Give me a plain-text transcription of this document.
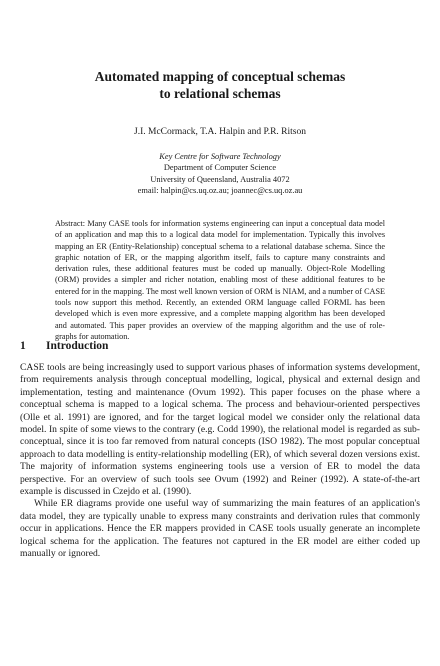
Automated mapping of conceptual schemas
to relational schemas
J.I. McCormack, T.A. Halpin and P.R. Ritson
Key Centre for Software Technology
Department of Computer Science
University of Queensland, Australia 4072
email: halpin@cs.uq.oz.au; joannec@cs.uq.oz.au
Abstract: Many CASE tools for information systems engineering can input a conceptual data model of an application and map this to a logical data model for implementation. Typically this involves mapping an ER (Entity-Relationship) conceptual schema to a relational database schema. Since the graphic notation of ER, or the mapping algorithm itself, fails to capture many constraints and derivation rules, these additional features must be coded up manually. Object-Role Modelling (ORM) provides a simpler and richer notation, enabling most of these additional features to be entered for in the mapping. The most well known version of ORM is NIAM, and a number of CASE tools now support this method. Recently, an extended ORM language called FORML has been developed which is even more expressive, and a complete mapping algorithm has been developed and automated. This paper provides an overview of the mapping algorithm and the use of role-graphs for automation.
1 Introduction

CASE tools are being increasingly used to support various phases of information systems development, from requirements analysis through conceptual modelling, logical, physical and external design and implementation, testing and maintenance (Ovum 1992). This paper focuses on the phase where a conceptual schema is mapped to a logical schema. The process and behaviour-oriented perspectives (Olle et al. 1991) are ignored, and for the target logical model we consider only the relational data model. In spite of some views to the contrary (e.g. Codd 1990), the relational model is regarded as sub-conceptual, since it is too far removed from natural concepts (ISO 1982). The most popular conceptual approach to data modelling is entity-relationship modelling (ER), of which several dozen versions exist. The majority of information systems engineering tools use a version of ER to model the data perspective. For an overview of such tools see Ovum (1992) and Reiner (1992). A state-of-the-art example is discussed in Czejdo et al. (1990).

While ER diagrams provide one useful way of summarizing the main features of an application's data model, they are typically unable to express many constraints and derivation rules that commonly occur in applications. Hence the ER mappers provided in CASE tools usually generate an incomplete logical schema for the application. The features not captured in the ER model are either coded up manually or ignored.
